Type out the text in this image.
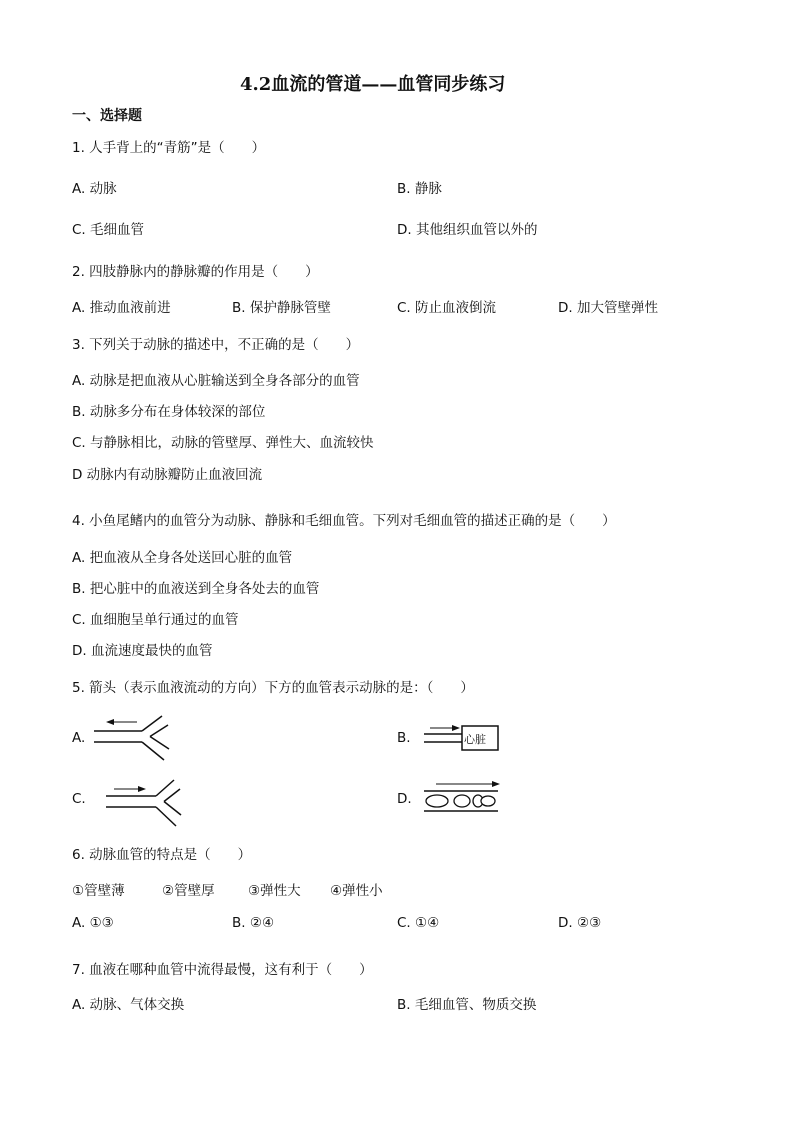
4.2血流的管道——血管同步练习
一、选择题
1. 人手背上的“青筋”是（　　）
A. 动脉	B. 静脉
C. 毛细血管	D. 其他组织血管以外的
2. 四肢静脉内的静脉瓣的作用是（　　）
A. 推动血液前进	B. 保护静脉管壁	C. 防止血液倒流	D. 加大管壁弹性
3. 下列关于动脉的描述中，不正确的是（　　）
A. 动脉是把血液从心脏输送到全身各部分的血管
B. 动脉多分布在身体较深的部位
C. 与静脉相比，动脉的管壁厚、弹性大、血流较快
D 动脉内有动脉瓣防止血液回流
4. 小鱼尾鳍内的血管分为动脉、静脉和毛细血管。下列对毛细血管的描述正确的是（　　）
A. 把血液从全身各处送回心脏的血管
B. 把心脏中的血液送到全身各处去的血管
C. 血细胞呈单行通过的血管
D. 血流速度最快的血管
5. 箭头（表示血液流动的方向）下方的血管表示动脉的是：（　　）
A.	B.	心脏
C.	D.
6. 动脉血管的特点是（　　）
①管壁薄	②管壁厚 ③弹性大 ④弹性小
A. ①③	B. ②④	C. ①④	D. ②③
7. 血液在哪种血管中流得最慢，这有利于（　　）
A. 动脉、气体交换	B. 毛细血管、物质交换
